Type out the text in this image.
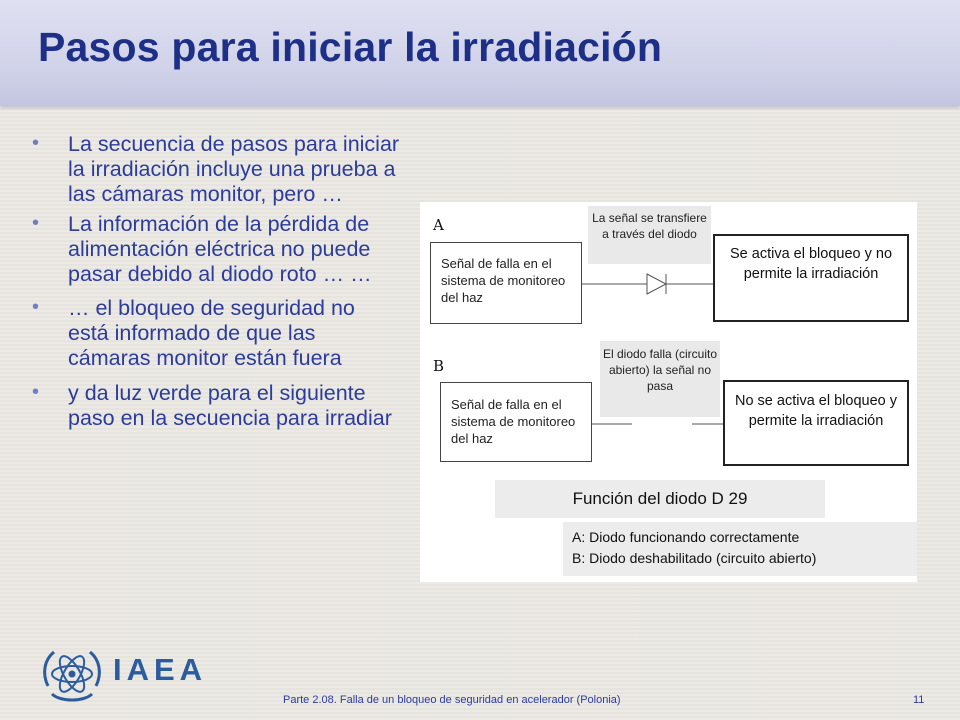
Pasos para iniciar la irradiación
• La secuencia de pasos para iniciar la irradiación incluye una prueba a las cámaras monitor, pero …
• La información de la pérdida de alimentación eléctrica no puede pasar debido al diodo roto … …
• … el bloqueo de seguridad no está informado de que las cámaras monitor están fuera
• y da luz verde para el siguiente paso en la secuencia para irradiar
A
Señal de falla en el sistema de monitoreo del haz
La señal se transfiere a través del diodo
Se activa el bloqueo y no permite la irradiación
B
Señal de falla en el sistema de monitoreo del haz
El diodo falla (circuito abierto) la señal no pasa
No se activa el bloqueo y permite la irradiación
Función del diodo D 29
A: Diodo funcionando correctamente
B: Diodo deshabilitado (circuito abierto)
IAEA
Parte 2.08. Falla de un bloqueo de seguridad en acelerador (Polonia)	11
